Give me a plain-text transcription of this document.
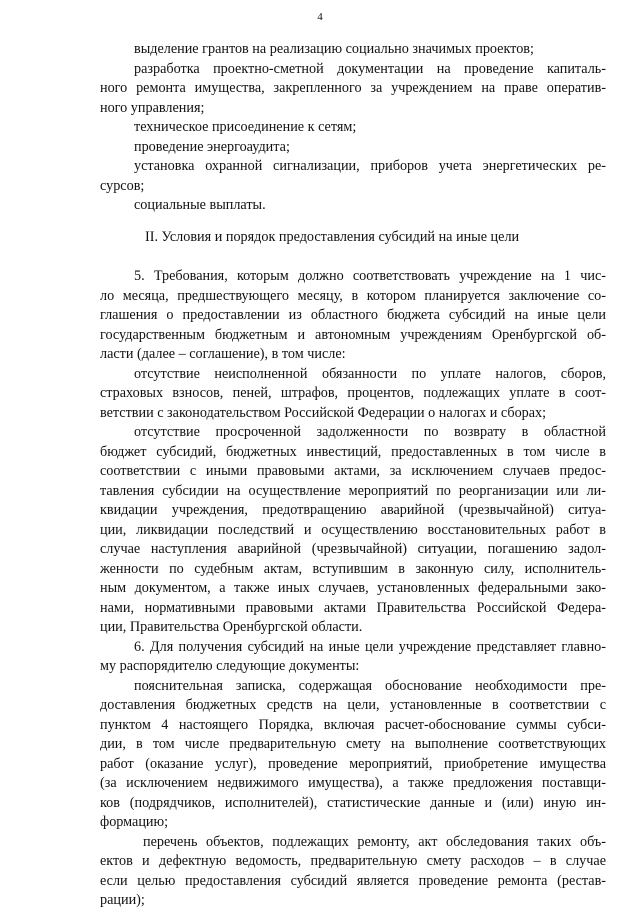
4
выделение грантов на реализацию социально значимых проектов;
разработка проектно-сметной документации на проведение капиталь-
ного ремонта имущества, закрепленного за учреждением на праве оператив-
ного управления;
техническое присоединение к сетям;
проведение энергоаудита;
установка охранной сигнализации, приборов учета энергетических ре-
сурсов;
социальные выплаты.
II. Условия и порядок предоставления субсидий на иные цели
5. Требования, которым должно соответствовать учреждение на 1 чис-
ло месяца, предшествующего месяцу, в котором планируется заключение со-
глашения о предоставлении из областного бюджета субсидий на иные цели
государственным бюджетным и автономным учреждениям Оренбургской об-
ласти (далее – соглашение), в том числе:
отсутствие неисполненной обязанности по уплате налогов, сборов,
страховых взносов, пеней, штрафов, процентов, подлежащих уплате в соот-
ветствии с законодательством Российской Федерации о налогах и сборах;
отсутствие просроченной задолженности по возврату в областной
бюджет субсидий, бюджетных инвестиций, предоставленных в том числе в
соответствии с иными правовыми актами, за исключением случаев предос-
тавления субсидии на осуществление мероприятий по реорганизации или ли-
квидации учреждения, предотвращению аварийной (чрезвычайной) ситуа-
ции, ликвидации последствий и осуществлению восстановительных работ в
случае наступления аварийной (чрезвычайной) ситуации, погашению задол-
женности по судебным актам, вступившим в законную силу, исполнитель-
ным документом, а также иных случаев, установленных федеральными зако-
нами, нормативными правовыми актами Правительства Российской Федера-
ции, Правительства Оренбургской области.
6. Для получения субсидий на иные цели учреждение представляет главно-
му распорядителю следующие документы:
пояснительная записка, содержащая обоснование необходимости пре-
доставления бюджетных средств на цели, установленные в соответствии с
пунктом 4 настоящего Порядка, включая расчет-обоснование суммы субси-
дии, в том числе предварительную смету на выполнение соответствующих
работ (оказание услуг), проведение мероприятий, приобретение имущества
(за исключением недвижимого имущества), а также предложения поставщи-
ков (подрядчиков, исполнителей), статистические данные и (или) иную ин-
формацию;
перечень объектов, подлежащих ремонту, акт обследования таких объ-
ектов и дефектную ведомость, предварительную смету расходов – в случае
если целью предоставления субсидий является проведение ремонта (рестав-
рации);
